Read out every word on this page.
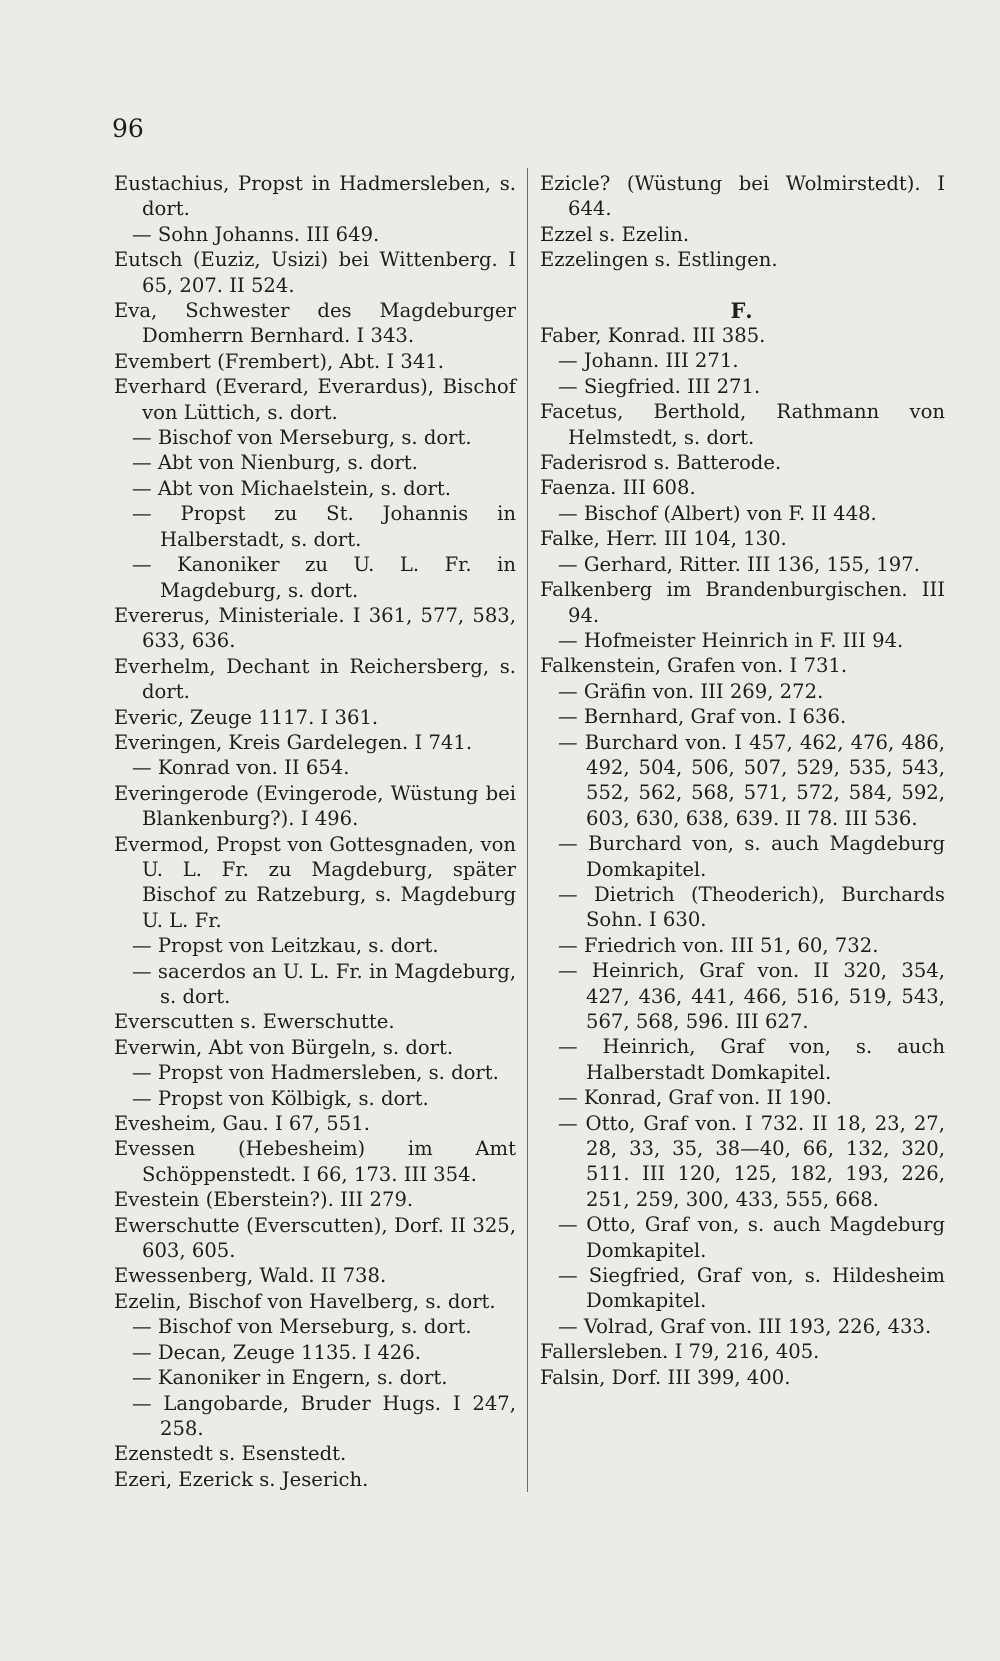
96
Eustachius, Propst in Hadmersleben, s. dort.
— Sohn Johanns. III 649.
Eutsch (Euziz, Usizi) bei Wittenberg. I 65, 207. II 524.
Eva, Schwester des Magdeburger Domherrn Bernhard. I 343.
Evembert (Frembert), Abt. I 341.
Everhard (Everard, Everardus), Bischof von Lüttich, s. dort.
— Bischof von Merseburg, s. dort.
— Abt von Nienburg, s. dort.
— Abt von Michaelstein, s. dort.
— Propst zu St. Johannis in Halberstadt, s. dort.
— Kanoniker zu U. L. Fr. in Magdeburg, s. dort.
Evererus, Ministeriale. I 361, 577, 583, 633, 636.
Everhelm, Dechant in Reichersberg, s. dort.
Everic, Zeuge 1117. I 361.
Everingen, Kreis Gardelegen. I 741.
— Konrad von. II 654.
Everingerode (Evingerode, Wüstung bei Blankenburg?). I 496.
Evermod, Propst von Gottesgnaden, von U. L. Fr. zu Magdeburg, später Bischof zu Ratzeburg, s. Magdeburg U. L. Fr.
— Propst von Leitzkau, s. dort.
— sacerdos an U. L. Fr. in Magdeburg, s. dort.
Everscutten s. Ewerschutte.
Everwin, Abt von Bürgeln, s. dort.
— Propst von Hadmersleben, s. dort.
— Propst von Kölbigk, s. dort.
Evesheim, Gau. I 67, 551.
Evessen (Hebesheim) im Amt Schöppenstedt. I 66, 173. III 354.
Evestein (Eberstein?). III 279.
Ewerschutte (Everscutten), Dorf. II 325, 603, 605.
Ewessenberg, Wald. II 738.
Ezelin, Bischof von Havelberg, s. dort.
— Bischof von Merseburg, s. dort.
— Decan, Zeuge 1135. I 426.
— Kanoniker in Engern, s. dort.
— Langobarde, Bruder Hugs. I 247, 258.
Ezenstedt s. Esenstedt.
Ezeri, Ezerick s. Jeserich.
Ezicle? (Wüstung bei Wolmirstedt). I 644.
Ezzel s. Ezelin.
Ezzelingen s. Estlingen.
F.
Faber, Konrad. III 385.
— Johann. III 271.
— Siegfried. III 271.
Facetus, Berthold, Rathmann von Helmstedt, s. dort.
Faderisrod s. Batterode.
Faenza. III 608.
— Bischof (Albert) von F. II 448.
Falke, Herr. III 104, 130.
— Gerhard, Ritter. III 136, 155, 197.
Falkenberg im Brandenburgischen. III 94.
— Hofmeister Heinrich in F. III 94.
Falkenstein, Grafen von. I 731.
— Gräfin von. III 269, 272.
— Bernhard, Graf von. I 636.
— Burchard von. I 457, 462, 476, 486, 492, 504, 506, 507, 529, 535, 543, 552, 562, 568, 571, 572, 584, 592, 603, 630, 638, 639. II 78. III 536.
— Burchard von, s. auch Magdeburg Domkapitel.
— Dietrich (Theoderich), Burchards Sohn. I 630.
— Friedrich von. III 51, 60, 732.
— Heinrich, Graf von. II 320, 354, 427, 436, 441, 466, 516, 519, 543, 567, 568, 596. III 627.
— Heinrich, Graf von, s. auch Halberstadt Domkapitel.
— Konrad, Graf von. II 190.
— Otto, Graf von. I 732. II 18, 23, 27, 28, 33, 35, 38—40, 66, 132, 320, 511. III 120, 125, 182, 193, 226, 251, 259, 300, 433, 555, 668.
— Otto, Graf von, s. auch Magdeburg Domkapitel.
— Siegfried, Graf von, s. Hildesheim Domkapitel.
— Volrad, Graf von. III 193, 226, 433.
Fallersleben. I 79, 216, 405.
Falsin, Dorf. III 399, 400.
